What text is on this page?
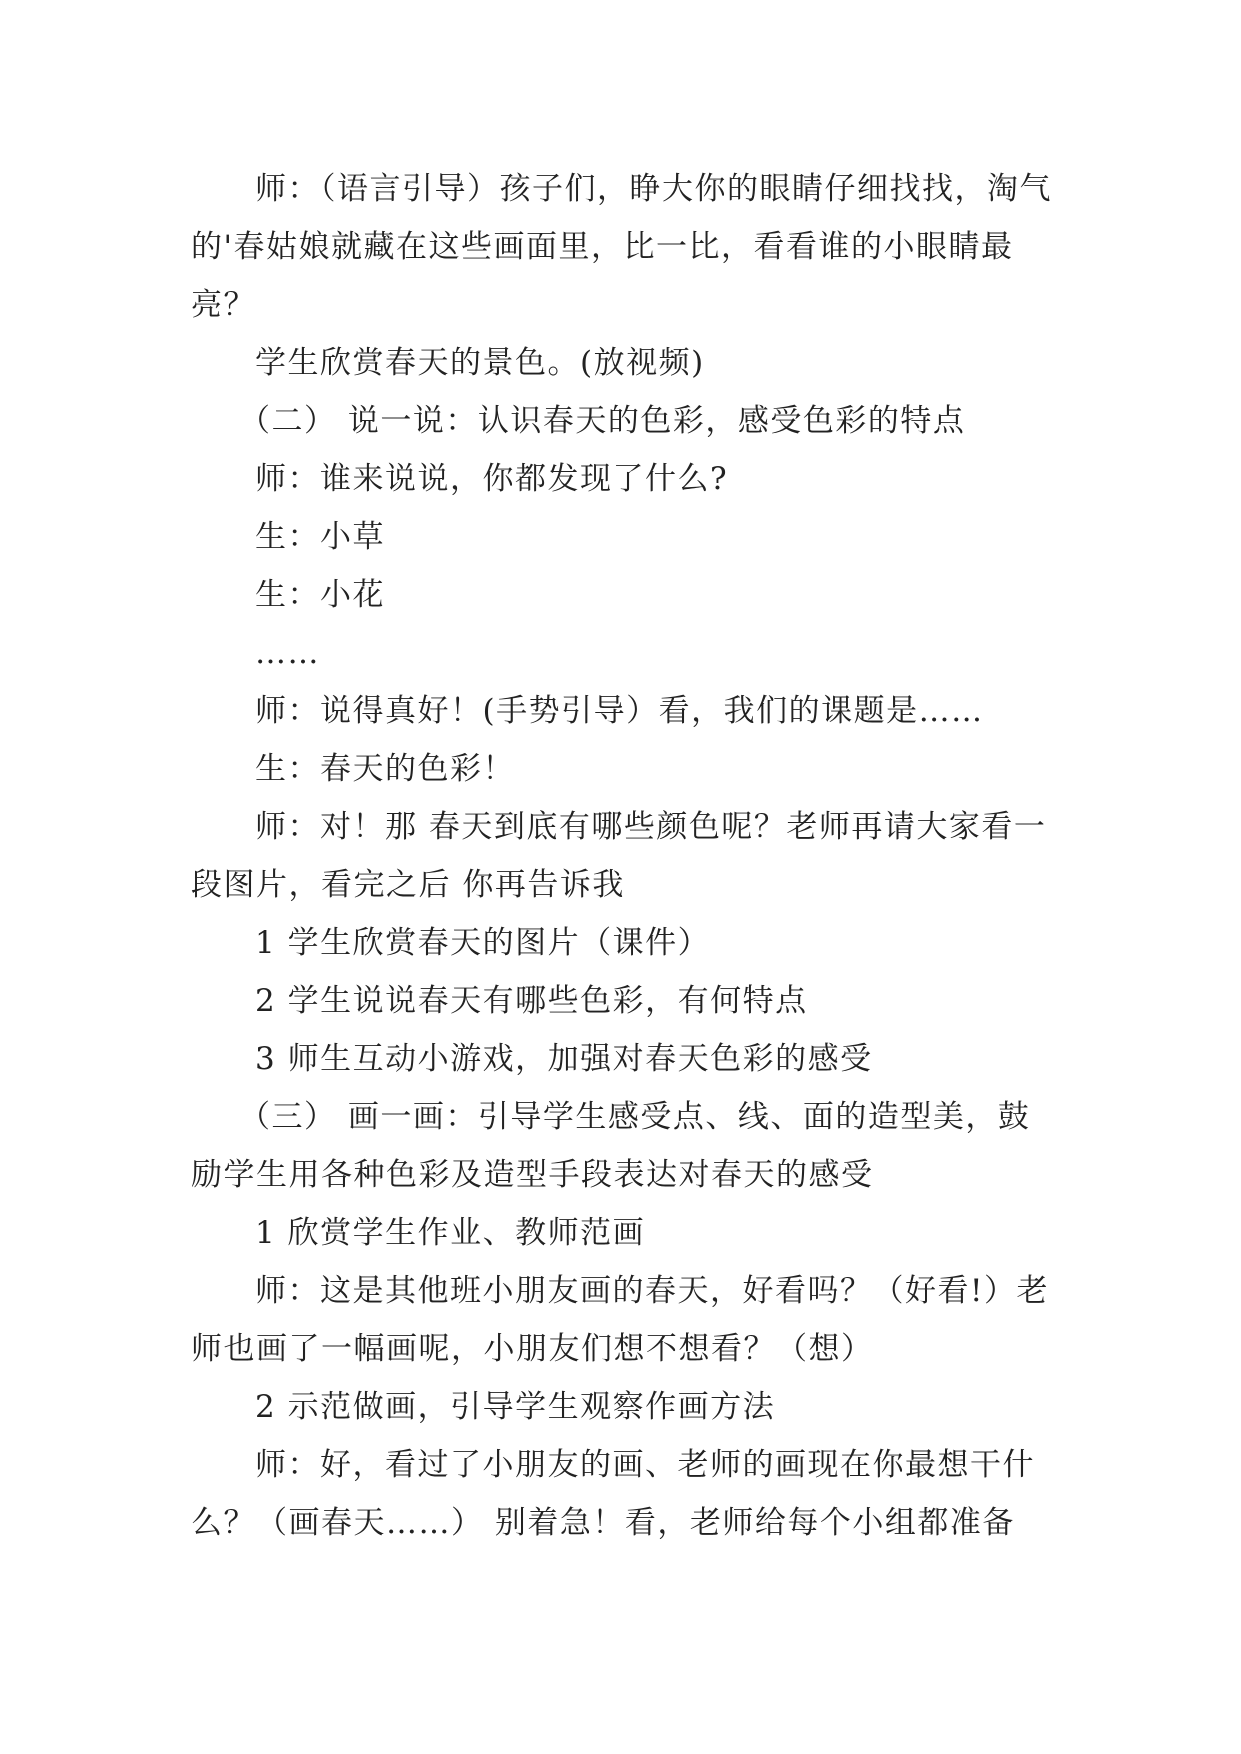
师：（语言引导）孩子们，睁大你的眼睛仔细找找，淘气的'春姑娘就藏在这些画面里，比一比，看看谁的小眼睛最亮？

学生欣赏春天的景色。(放视频)

（二） 说一说：认识春天的色彩，感受色彩的特点

师：谁来说说，你都发现了什么?

生：小草

生：小花

……

师：说得真好！(手势引导）看，我们的课题是……

生：春天的色彩！

师：对！那 春天到底有哪些颜色呢？老师再请大家看一段图片，看完之后 你再告诉我

1 学生欣赏春天的图片（课件）

2 学生说说春天有哪些色彩，有何特点

3 师生互动小游戏，加强对春天色彩的感受

（三） 画一画：引导学生感受点、线、面的造型美，鼓励学生用各种色彩及造型手段表达对春天的感受

1 欣赏学生作业、教师范画

师：这是其他班小朋友画的春天，好看吗？（好看!）老师也画了一幅画呢，小朋友们想不想看？（想）

2 示范做画，引导学生观察作画方法

师：好，看过了小朋友的画、老师的画现在你最想干什么？（画春天……） 别着急！看，老师给每个小组都准备
